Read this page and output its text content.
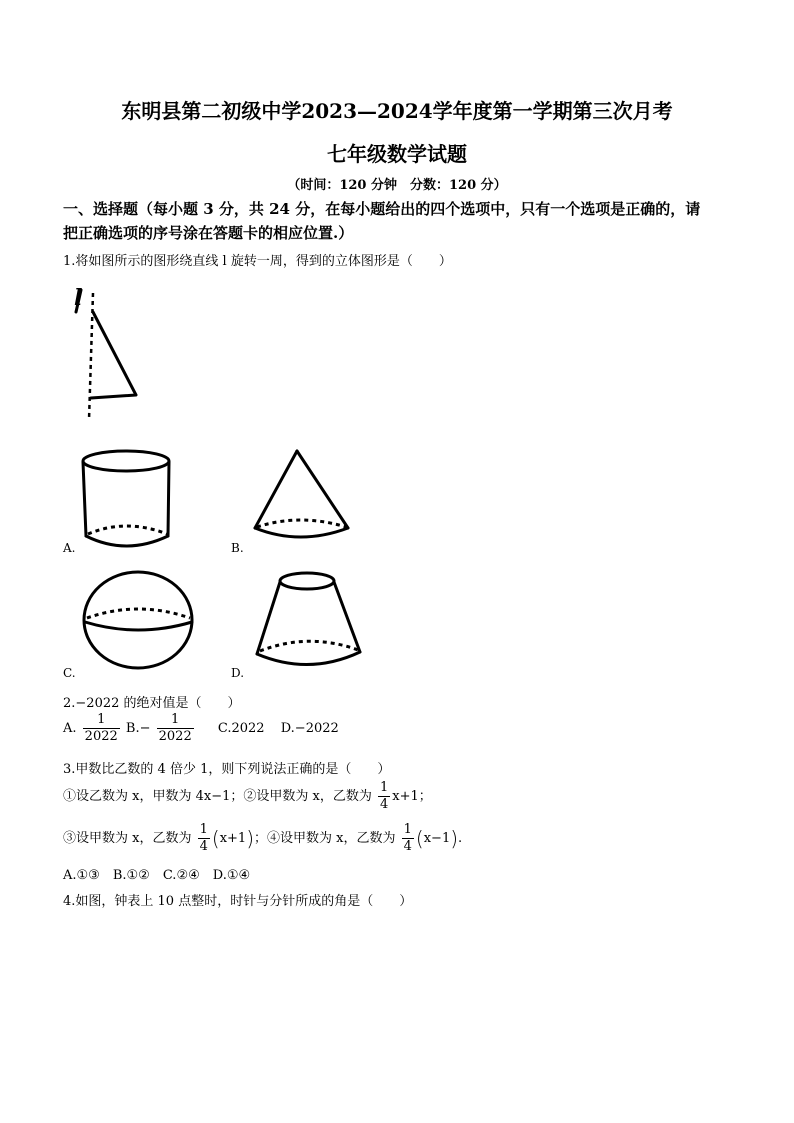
东明县第二初级中学2023—2024学年度第一学期第三次月考
七年级数学试题
（时间：120 分钟　分数：120 分）
一、选择题（每小题 3 分，共 24 分，在每小题给出的四个选项中，只有一个选项是正确的，请
把正确选项的序号涂在答题卡的相应位置.）
1.将如图所示的图形绕直线 l 旋转一周，得到的立体图形是（　　）
l
A.	B.
C.	D.
2.−2022 的绝对值是（　　）
A. $\frac{1}{2022} B.- \frac{1}{2022} C.2022$ D.−2022
3.甲数比乙数的 4 倍少 1，则下列说法正确的是（　　）
①设乙数为 x，甲数为 4x−1；②设甲数为 x，乙数为 $\frac{1}{4} x+1$；
③设甲数为 x，乙数为 $\frac{1}{4} (x+1)$；④设甲数为 x，乙数为 $\frac{1}{4} (x-1)$.
A.①③　B.①②　C.②④　D.①④
4.如图，钟表上 10 点整时，时针与分针所成的角是（　　）
